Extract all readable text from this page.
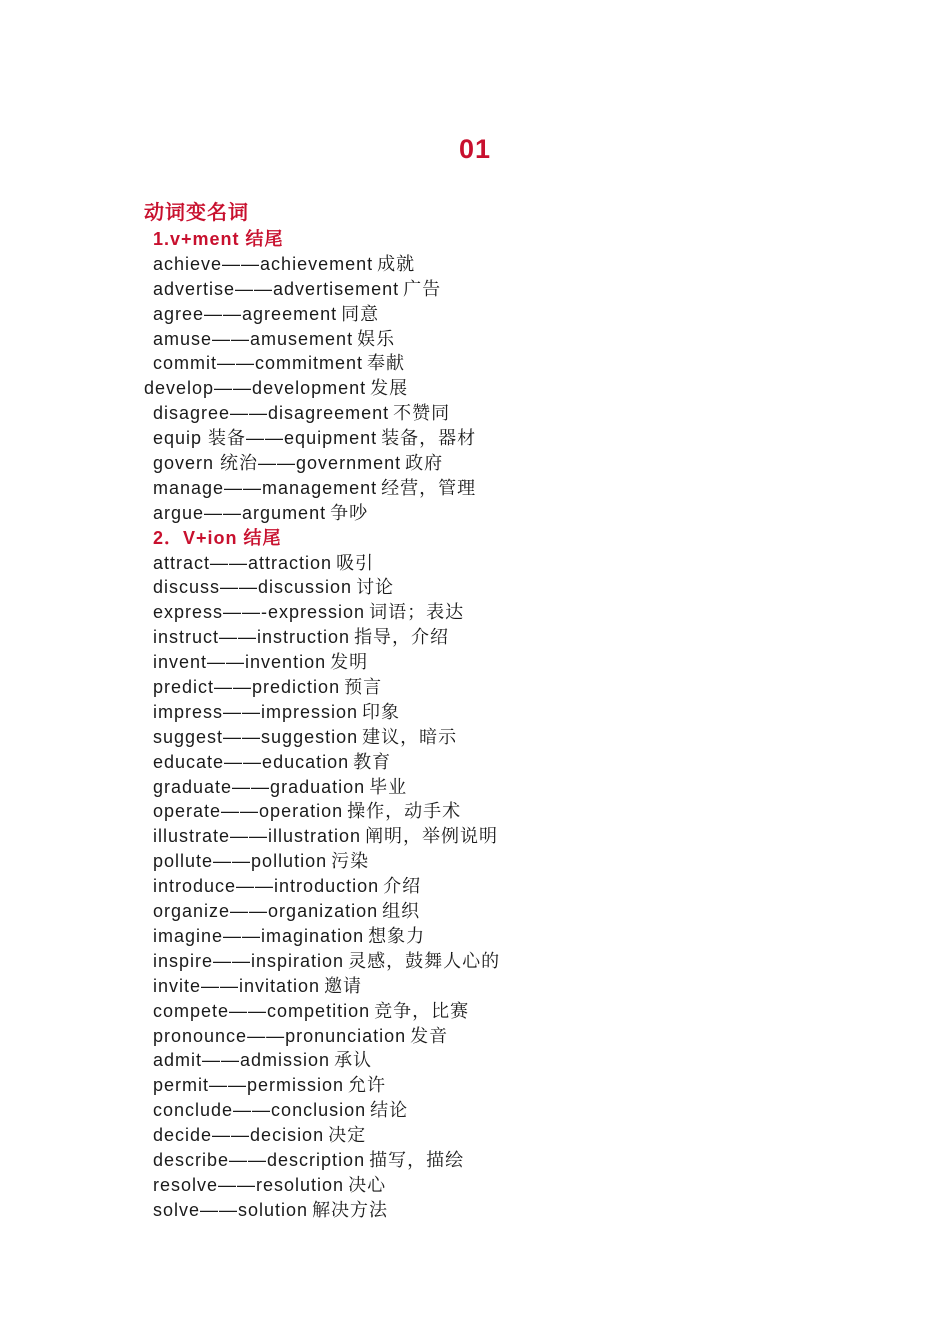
01
动词变名词
1.v+ment 结尾
achieve——achievement 成就
advertise——advertisement 广告
agree——agreement 同意
amuse——amusement 娱乐
commit——commitment 奉献
develop——development 发展
disagree——disagreement 不赞同
equip 装备——equipment 装备，器材
govern 统治——government 政府
manage——management 经营，管理
argue——argument 争吵
2．V+ion 结尾
attract——attraction 吸引
discuss——discussion 讨论
express——-expression 词语；表达
instruct——instruction 指导，介绍
invent——invention 发明
predict——prediction 预言
impress——impression 印象
suggest——suggestion 建议，暗示
educate——education 教育
graduate——graduation 毕业
operate——operation 操作，动手术
illustrate——illustration 阐明，举例说明
pollute——pollution 污染
introduce——introduction 介绍
organize——organization 组织
imagine——imagination 想象力
inspire——inspiration 灵感，鼓舞人心的
invite——invitation 邀请
compete——competition 竞争，比赛
pronounce——pronunciation 发音
admit——admission 承认
permit——permission 允许
conclude——conclusion 结论
decide——decision 决定
describe——description 描写，描绘
resolve——resolution 决心
solve——solution 解决方法
